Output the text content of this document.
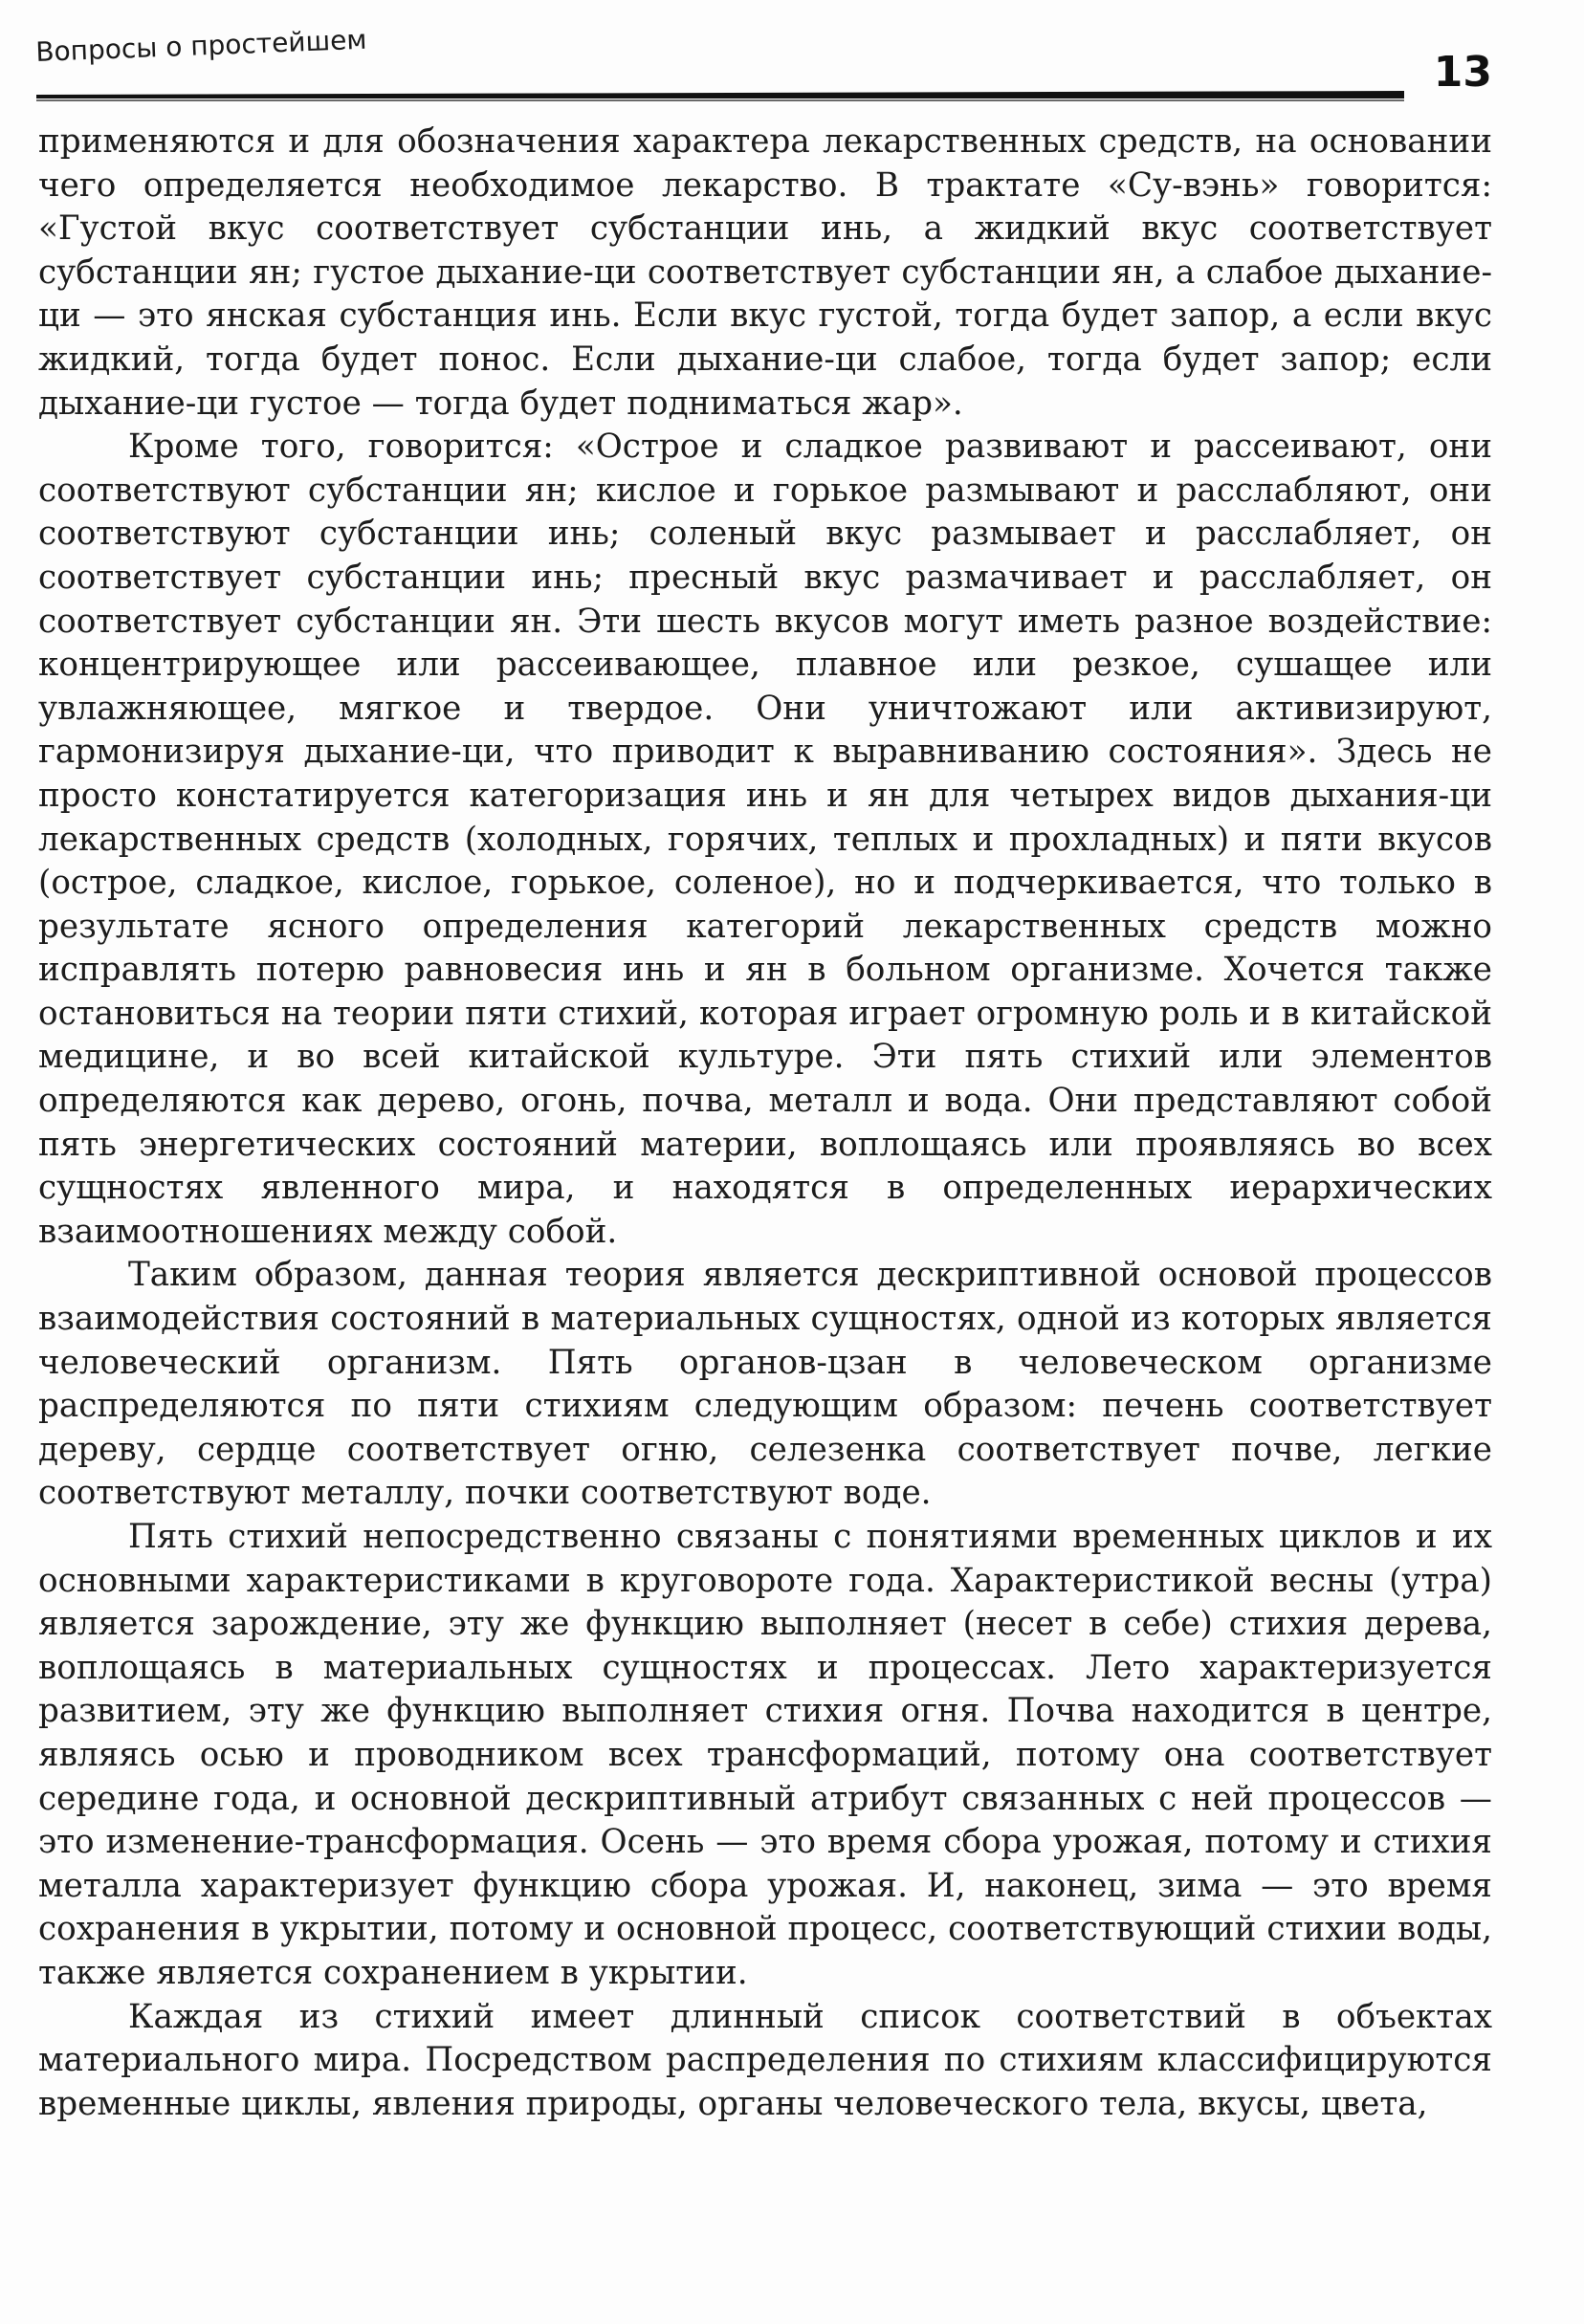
Вопросы о простейшем
13

применяются и для обозначения характера лекарственных средств, на основании чего определяется необходимое лекарство. В трактате «Су-вэнь» говорится: «Густой вкус соответствует субстанции инь, а жидкий вкус соответствует субстанции ян; густое дыхание-ци соответствует субстанции ян, а слабое дыхание-ци — это янская субстанция инь. Если вкус густой, тогда будет запор, а если вкус жидкий, тогда будет понос. Если дыхание-ци слабое, тогда будет запор; если дыхание-ци густое — тогда будет подниматься жар».

Кроме того, говорится: «Острое и сладкое развивают и рассеивают, они соответствуют субстанции ян; кислое и горькое размывают и расслабляют, они соответствуют субстанции инь; соленый вкус размывает и расслабляет, он соответствует субстанции инь; пресный вкус размачивает и расслабляет, он соответствует субстанции ян. Эти шесть вкусов могут иметь разное воздействие: концентрирующее или рассеивающее, плавное или резкое, сушащее или увлажняющее, мягкое и твердое. Они уничтожают или активизируют, гармонизируя дыхание-ци, что приводит к выравниванию состояния». Здесь не просто констатируется категоризация инь и ян для четырех видов дыхания-ци лекарственных средств (холодных, горячих, теплых и прохладных) и пяти вкусов (острое, сладкое, кислое, горькое, соленое), но и подчеркивается, что только в результате ясного определения категорий лекарственных средств можно исправлять потерю равновесия инь и ян в больном организме. Хочется также остановиться на теории пяти стихий, которая играет огромную роль и в китайской медицине, и во всей китайской культуре. Эти пять стихий или элементов определяются как дерево, огонь, почва, металл и вода. Они представляют собой пять энергетических состояний материи, воплощаясь или проявляясь во всех сущностях явленного мира, и находятся в определенных иерархических взаимоотношениях между собой.

Таким образом, данная теория является дескриптивной основой процессов взаимодействия состояний в материальных сущностях, одной из которых является человеческий организм. Пять органов-цзан в человеческом организме распределяются по пяти стихиям следующим образом: печень соответствует дереву, сердце соответствует огню, селезенка соответствует почве, легкие соответствуют металлу, почки соответствуют воде.

Пять стихий непосредственно связаны с понятиями временных циклов и их основными характеристиками в круговороте года. Характеристикой весны (утра) является зарождение, эту же функцию выполняет (несет в себе) стихия дерева, воплощаясь в материальных сущностях и процессах. Лето характеризуется развитием, эту же функцию выполняет стихия огня. Почва находится в центре, являясь осью и проводником всех трансформаций, потому она соответствует середине года, и основной дескриптивный атрибут связанных с ней процессов — это изменение-трансформация. Осень — это время сбора урожая, потому и стихия металла характеризует функцию сбора урожая. И, наконец, зима — это время сохранения в укрытии, потому и основной процесс, соответствующий стихии воды, также является сохранением в укрытии.

Каждая из стихий имеет длинный список соответствий в объектах материального мира. Посредством распределения по стихиям классифицируются временные циклы, явления природы, органы человеческого тела, вкусы, цвета,
